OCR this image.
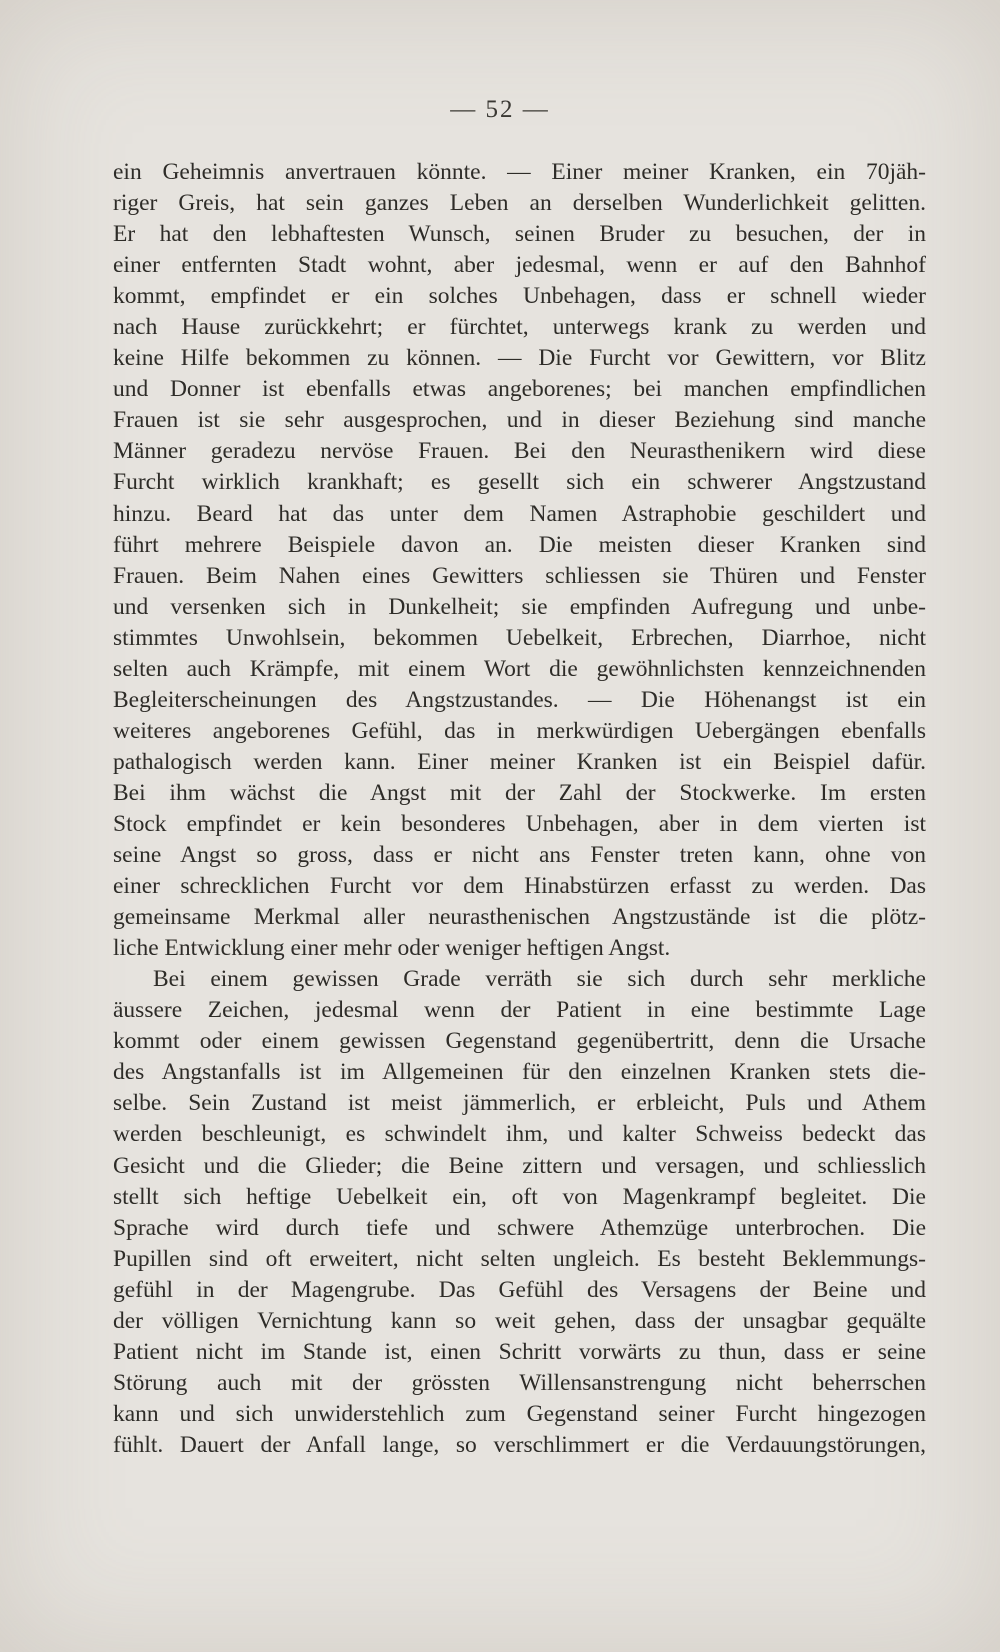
— 52 —
ein Geheimnis anvertrauen könnte. — Einer meiner Kranken, ein 70jäh-
riger Greis, hat sein ganzes Leben an derselben Wunderlichkeit gelitten.
Er hat den lebhaftesten Wunsch, seinen Bruder zu besuchen, der in
einer entfernten Stadt wohnt, aber jedesmal, wenn er auf den Bahnhof
kommt, empfindet er ein solches Unbehagen, dass er schnell wieder
nach Hause zurückkehrt; er fürchtet, unterwegs krank zu werden und
keine Hilfe bekommen zu können. — Die Furcht vor Gewittern, vor Blitz
und Donner ist ebenfalls etwas angeborenes; bei manchen empfindlichen
Frauen ist sie sehr ausgesprochen, und in dieser Beziehung sind manche
Männer geradezu nervöse Frauen. Bei den Neurasthenikern wird diese
Furcht wirklich krankhaft; es gesellt sich ein schwerer Angstzustand
hinzu. Beard hat das unter dem Namen Astraphobie geschildert und
führt mehrere Beispiele davon an. Die meisten dieser Kranken sind
Frauen. Beim Nahen eines Gewitters schliessen sie Thüren und Fenster
und versenken sich in Dunkelheit; sie empfinden Aufregung und unbe-
stimmtes Unwohlsein, bekommen Uebelkeit, Erbrechen, Diarrhoe, nicht
selten auch Krämpfe, mit einem Wort die gewöhnlichsten kennzeichnenden
Begleiterscheinungen des Angstzustandes. — Die Höhenangst ist ein
weiteres angeborenes Gefühl, das in merkwürdigen Uebergängen ebenfalls
pathalogisch werden kann. Einer meiner Kranken ist ein Beispiel dafür.
Bei ihm wächst die Angst mit der Zahl der Stockwerke. Im ersten
Stock empfindet er kein besonderes Unbehagen, aber in dem vierten ist
seine Angst so gross, dass er nicht ans Fenster treten kann, ohne von
einer schrecklichen Furcht vor dem Hinabstürzen erfasst zu werden. Das
gemeinsame Merkmal aller neurasthenischen Angstzustände ist die plötz-
liche Entwicklung einer mehr oder weniger heftigen Angst.
Bei einem gewissen Grade verräth sie sich durch sehr merkliche
äussere Zeichen, jedesmal wenn der Patient in eine bestimmte Lage
kommt oder einem gewissen Gegenstand gegenübertritt, denn die Ursache
des Angstanfalls ist im Allgemeinen für den einzelnen Kranken stets die-
selbe. Sein Zustand ist meist jämmerlich, er erbleicht, Puls und Athem
werden beschleunigt, es schwindelt ihm, und kalter Schweiss bedeckt das
Gesicht und die Glieder; die Beine zittern und versagen, und schliesslich
stellt sich heftige Uebelkeit ein, oft von Magenkrampf begleitet. Die
Sprache wird durch tiefe und schwere Athemzüge unterbrochen. Die
Pupillen sind oft erweitert, nicht selten ungleich. Es besteht Beklemmungs-
gefühl in der Magengrube. Das Gefühl des Versagens der Beine und
der völligen Vernichtung kann so weit gehen, dass der unsagbar gequälte
Patient nicht im Stande ist, einen Schritt vorwärts zu thun, dass er seine
Störung auch mit der grössten Willensanstrengung nicht beherrschen
kann und sich unwiderstehlich zum Gegenstand seiner Furcht hingezogen
fühlt. Dauert der Anfall lange, so verschlimmert er die Verdauungstörungen,
